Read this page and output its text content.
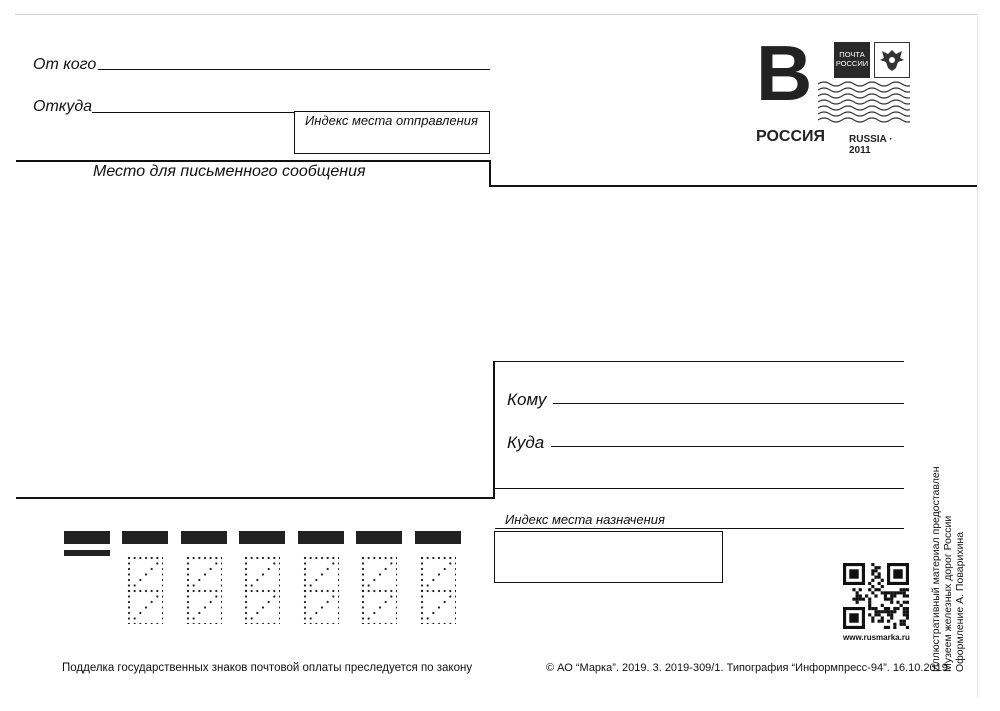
От кого
Откуда
Индекс места отправления
Место для письменного сообщения
B	ПОЧТА
РОССИИ
РОССИЯ RUSSIA · 2011
Кому
Куда
Индекс места назначения
www.rusmarka.ru Иллюстративный материал предоставлен Музеем железных дорог России Оформление А. Поварихина
Подделка государственных знаков почтовой оплаты преследуется по закону	© АО “Марка”. 2019. 3. 2019-309/1. Типография “Информпресс-94”. 16.10.2019.
